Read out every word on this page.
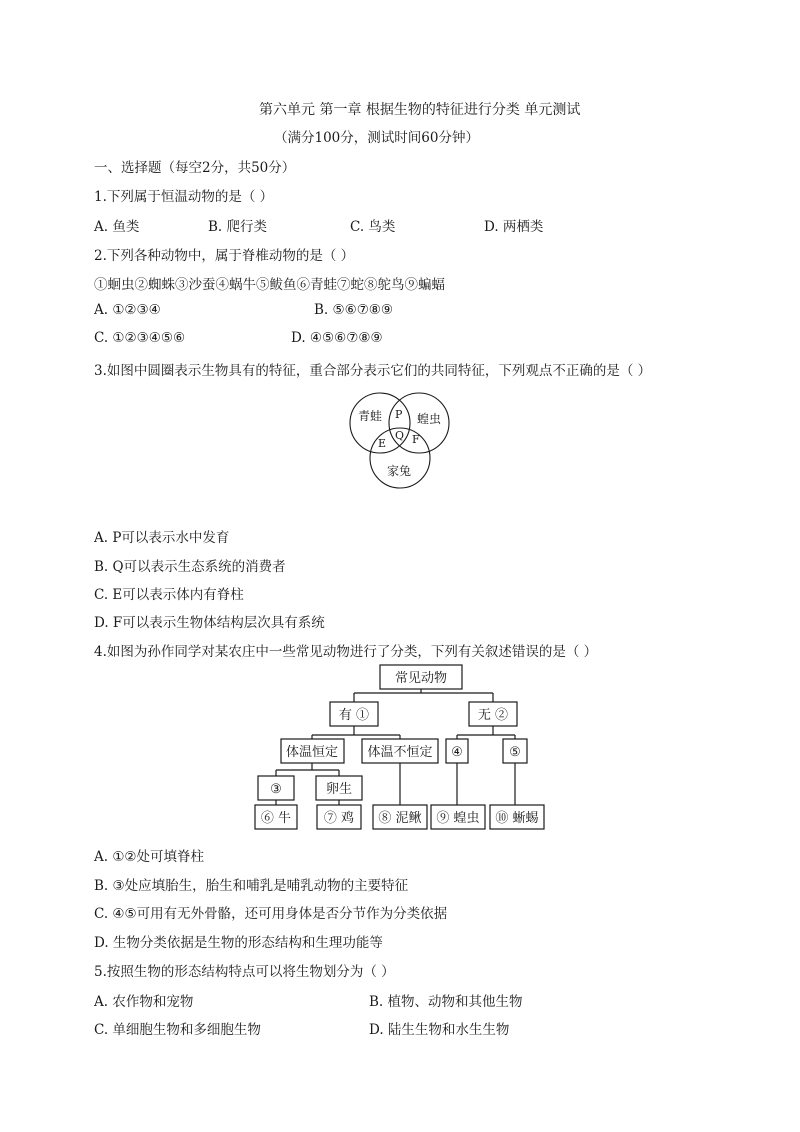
第六单元 第一章 根据生物的特征进行分类 单元测试
（满分100分，测试时间60分钟）
一、选择题（每空2分，共50分）
1.下列属于恒温动物的是（ ）
A. 鱼类	B. 爬行类	C. 鸟类	D. 两栖类
2.下列各种动物中，属于脊椎动物的是（ ）
①蛔虫②蜘蛛③沙蚕④蜗牛⑤鲅鱼⑥青蛙⑦蛇⑧鸵鸟⑨蝙蝠
A. ①②③④	B. ⑤⑥⑦⑧⑨
C. ①②③④⑤⑥	D. ④⑤⑥⑦⑧⑨
3.如图中圆圈表示生物具有的特征，重合部分表示它们的共同特征，下列观点不正确的是（ ）
青蛙	蝗虫
家兔
P
Q
E F
A. P可以表示水中发育
B. Q可以表示生态系统的消费者
C. E可以表示体内有脊柱
D. F可以表示生物体结构层次具有系统
4.如图为孙作同学对某农庄中一些常见动物进行了分类，下列有关叙述错误的是（ ）
常见动物
有 ①	无 ②
体温恒定 体温不恒定 ④	⑤
③	卵生
⑥ 牛	⑦ 鸡 ⑧ 泥鳅 ⑨ 蝗虫 ⑩ 蜥蜴
A. ①②处可填脊柱
B. ③处应填胎生，胎生和哺乳是哺乳动物的主要特征
C. ④⑤可用有无外骨骼，还可用身体是否分节作为分类依据
D. 生物分类依据是生物的形态结构和生理功能等
5.按照生物的形态结构特点可以将生物划分为（ ）
A. 农作物和宠物	B. 植物、动物和其他生物
C. 单细胞生物和多细胞生物	D. 陆生生物和水生生物
